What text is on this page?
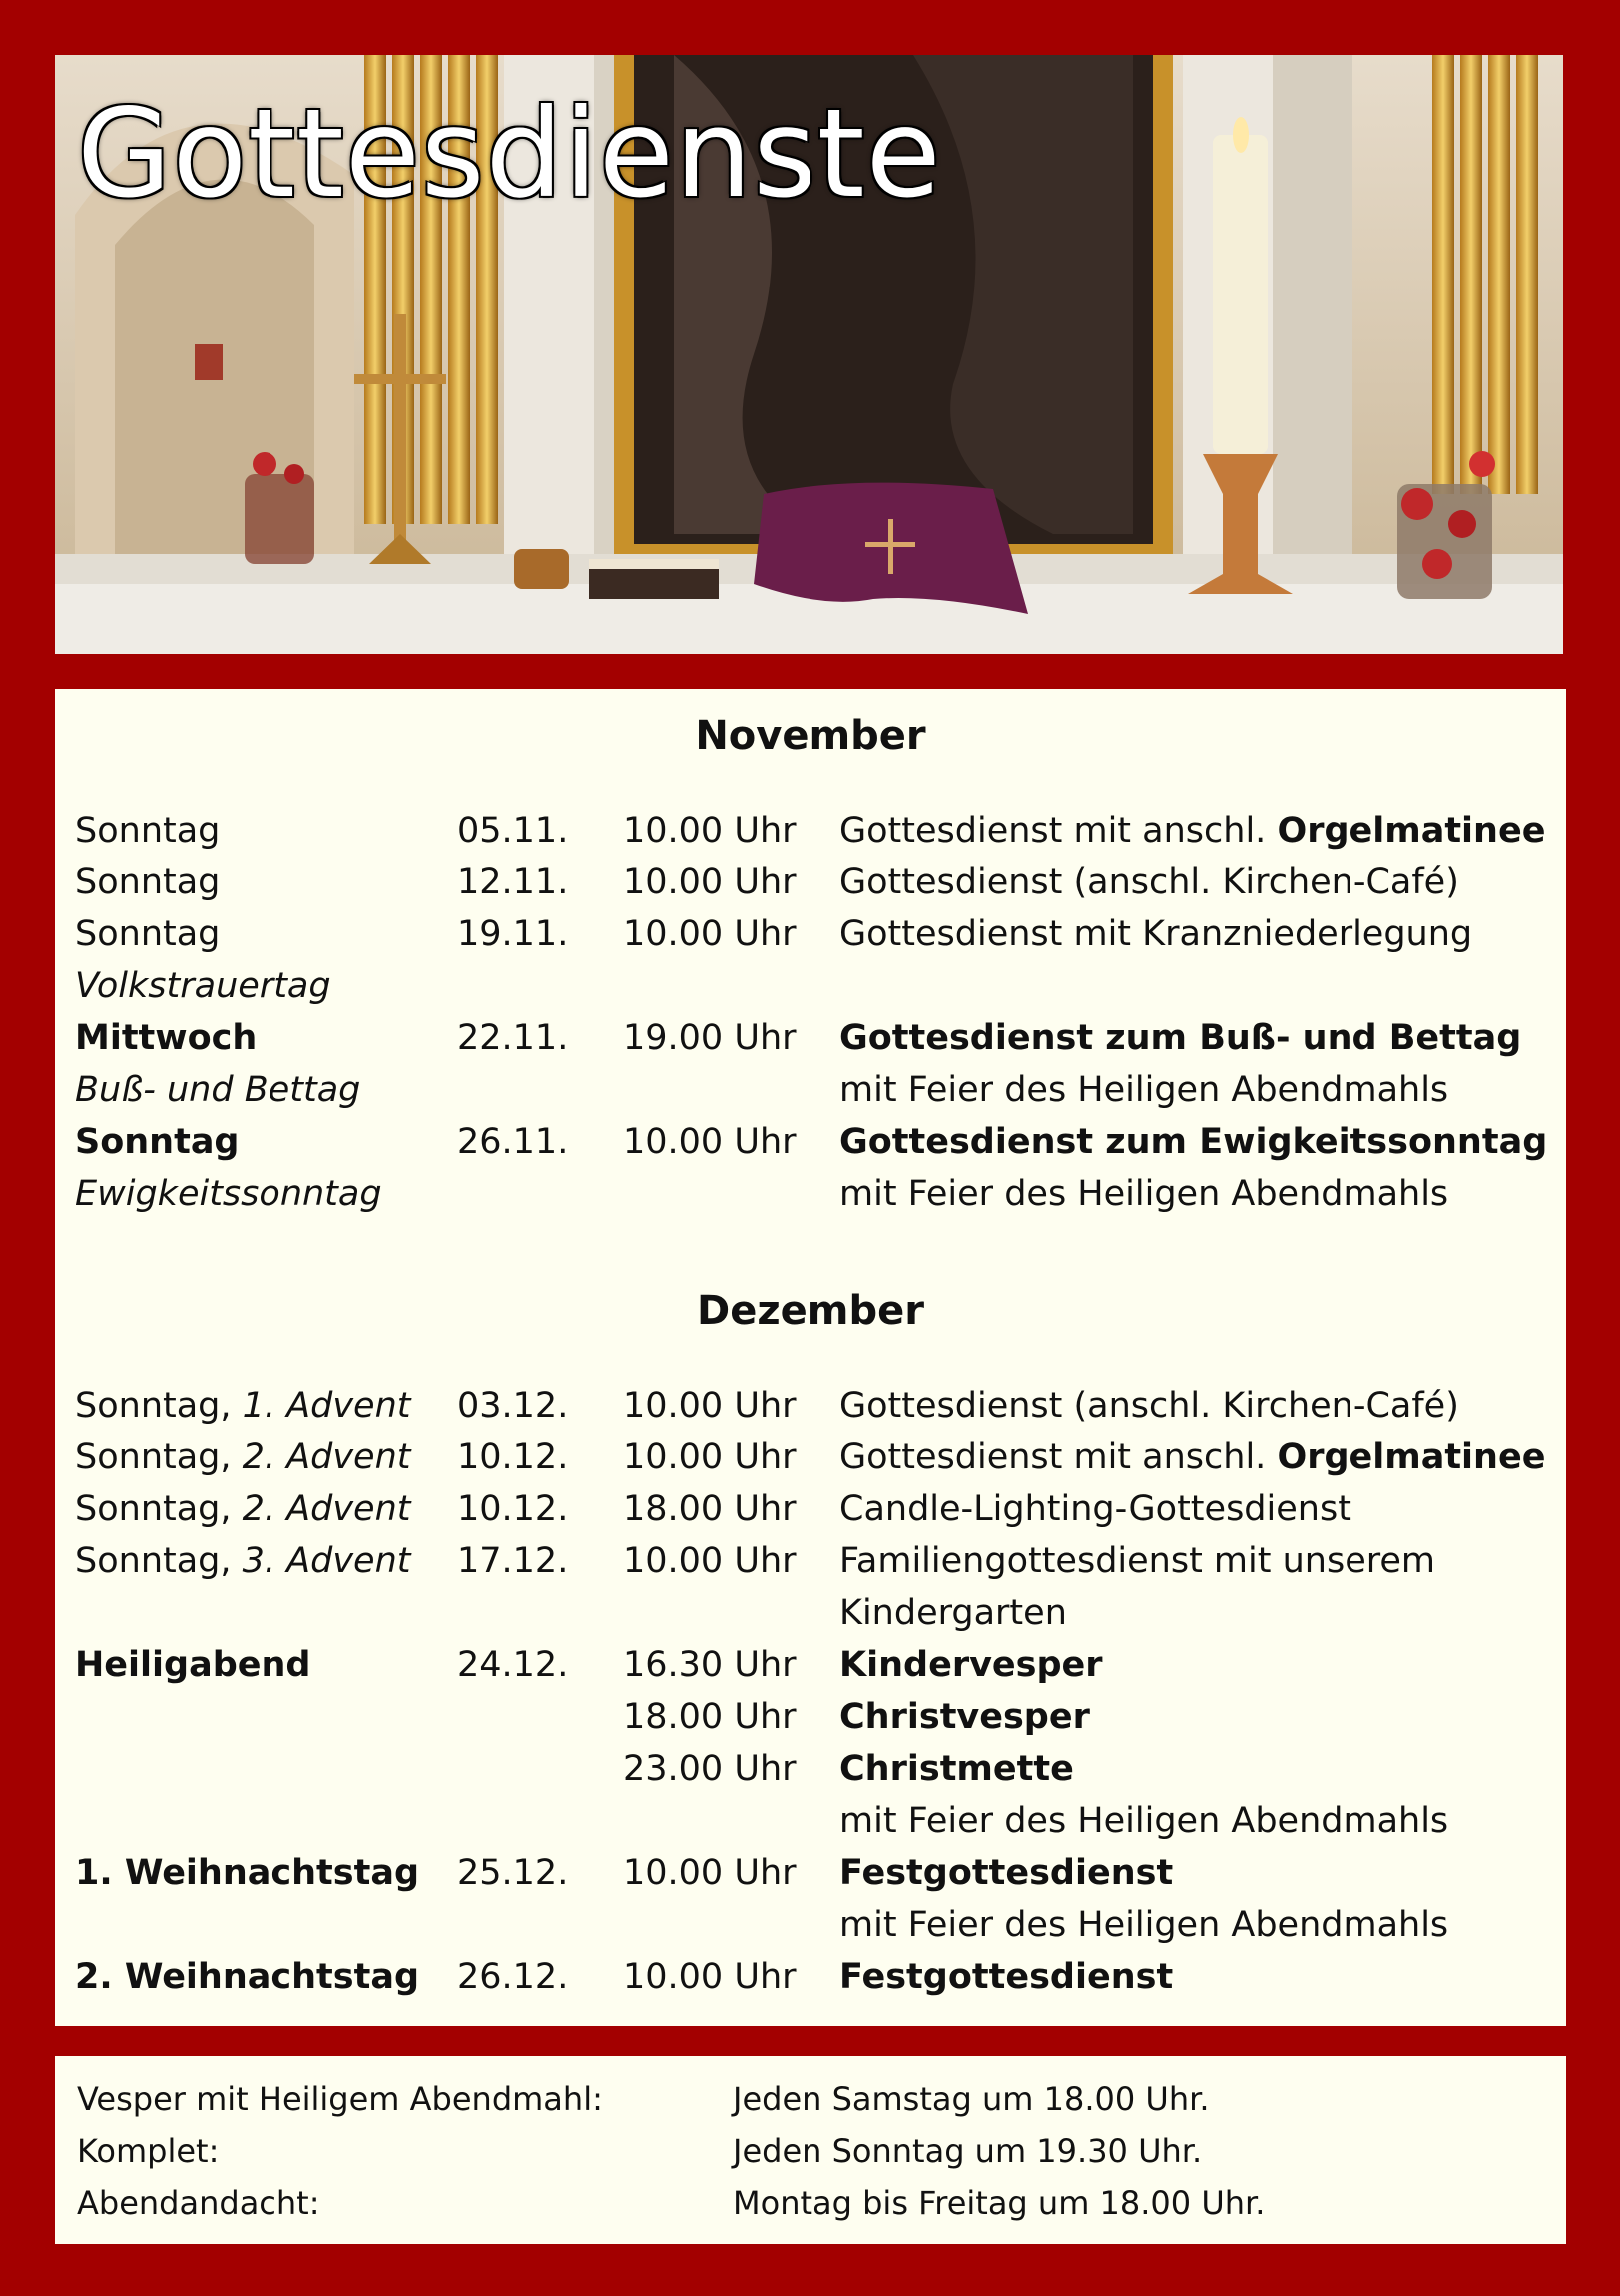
Gottesdienste
November
Sonntag	05.11. 10.00 Uhr Gottesdienst mit anschl. Orgelmatinee
Sonntag	12.11. 10.00 Uhr Gottesdienst (anschl. Kirchen-Café)
Sonntag	19.11. 10.00 Uhr Gottesdienst mit Kranzniederlegung
Volkstrauertag
Mittwoch	22.11. 19.00 Uhr Gottesdienst zum Buß- und Bettag
Buß- und Bettag	mit Feier des Heiligen Abendmahls
Sonntag	26.11. 10.00 Uhr Gottesdienst zum Ewigkeitssonntag
Ewigkeitssonntag	mit Feier des Heiligen Abendmahls
Dezember
Sonntag, 1. Advent 03.12. 10.00 Uhr Gottesdienst (anschl. Kirchen-Café)
Sonntag, 2. Advent 10.12. 10.00 Uhr Gottesdienst mit anschl. Orgelmatinee
Sonntag, 2. Advent 10.12. 18.00 Uhr Candle-Lighting-Gottesdienst
Sonntag, 3. Advent 17.12. 10.00 Uhr Familiengottesdienst mit unserem
Kindergarten
Heiligabend	24.12. 16.30 Uhr Kindervesper
18.00 Uhr Christvesper
23.00 Uhr Christmette
mit Feier des Heiligen Abendmahls
1. Weihnachtstag 25.12. 10.00 Uhr Festgottesdienst
mit Feier des Heiligen Abendmahls
2. Weihnachtstag 26.12. 10.00 Uhr Festgottesdienst
Vesper mit Heiligem Abendmahl:	Jeden Samstag um 18.00 Uhr.
Komplet:	Jeden Sonntag um 19.30 Uhr.
Abendandacht:	Montag bis Freitag um 18.00 Uhr.
